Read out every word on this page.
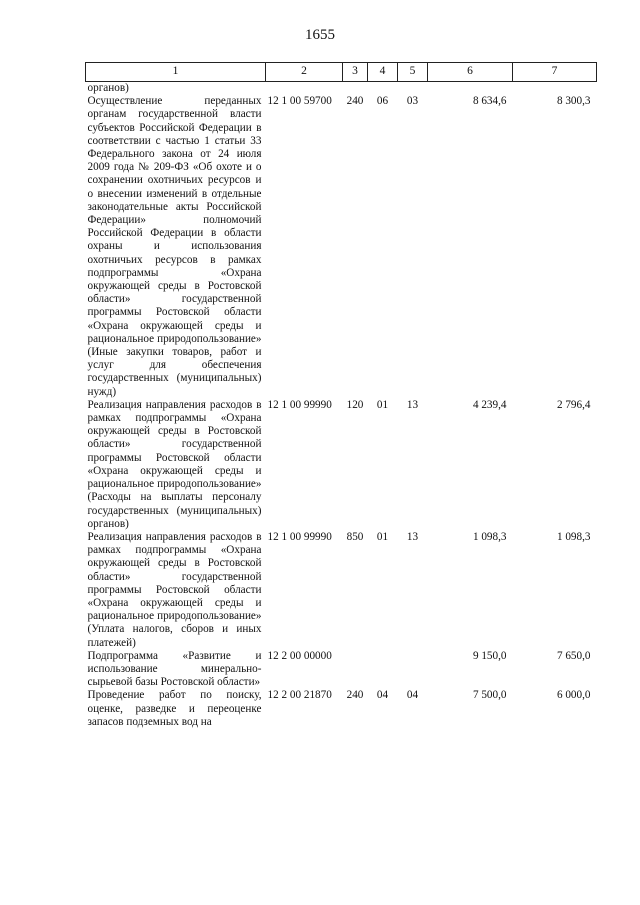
1655
1	2	3	4	5	6	7
органов)						
Осуществление переданных органам государственной власти субъектов Российской Федерации в соответствии с частью 1 статьи 33 Федерального закона от 24 июля 2009 года № 209-ФЗ «Об охоте и о сохранении охотничьих ресурсов и о внесении изменений в отдельные законодательные акты Российской Федерации» полномочий Российской Федерации в области охраны и использования охотничьих ресурсов в рамках подпрограммы «Охрана окружающей среды в Ростовской области» государственной программы Ростовской области «Охрана окружающей среды и рациональное природопользование» (Иные закупки товаров, работ и услуг для обеспечения государственных (муниципальных) нужд)	12 1 00 59700	240	06	03	8 634,6	8 300,3
Реализация направления расходов в рамках подпрограммы «Охрана окружающей среды в Ростовской области» государственной программы Ростовской области «Охрана окружающей среды и рациональное природопользование» (Расходы на выплаты персоналу государственных (муниципальных) органов)	12 1 00 99990	120	01	13	4 239,4	2 796,4
Реализация направления расходов в рамках подпрограммы «Охрана окружающей среды в Ростовской области» государственной программы Ростовской области «Охрана окружающей среды и рациональное природопользование» (Уплата налогов, сборов и иных платежей)	12 1 00 99990	850	01	13	1 098,3	1 098,3
Подпрограмма «Развитие и использование минерально-сырьевой базы Ростовской области»	12 2 00 00000				9 150,0	7 650,0
Проведение работ по поиску, оценке, разведке и переоценке запасов подземных вод на	12 2 00 21870	240	04	04	7 500,0	6 000,0
